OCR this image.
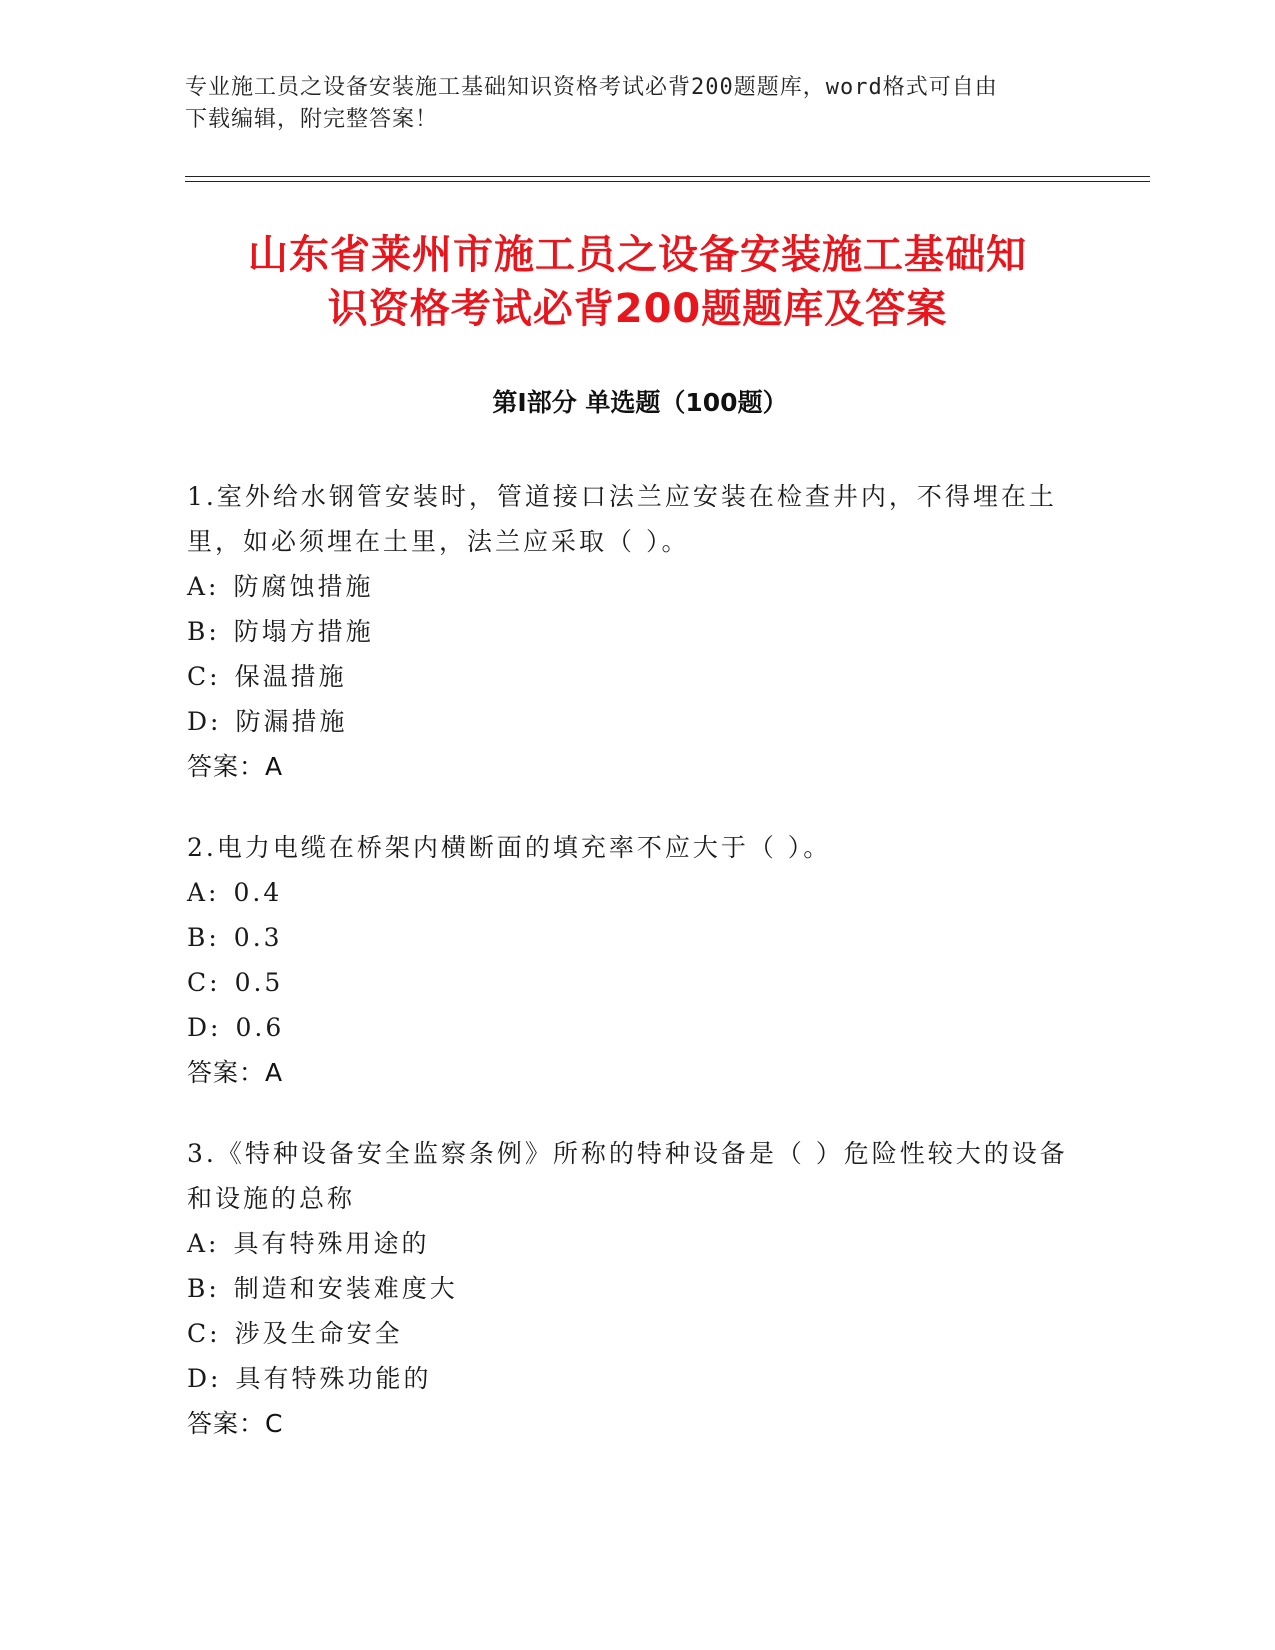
专业施工员之设备安装施工基础知识资格考试必背200题题库，word格式可自由
下载编辑，附完整答案！
山东省莱州市施工员之设备安装施工基础知
识资格考试必背200题题库及答案
第Ⅰ部分 单选题（100题）
1.室外给水钢管安装时，管道接口法兰应安装在检查井内，不得埋在土里，如必须埋在土里，法兰应采取（ ）。
A: 防腐蚀措施
B: 防塌方措施
C: 保温措施
D: 防漏措施
答案：A
2.电力电缆在桥架内横断面的填充率不应大于（ ）。
A: 0.4
B: 0.3
C: 0.5
D: 0.6
答案：A
3.《特种设备安全监察条例》所称的特种设备是（ ）危险性较大的设备和设施的总称
A: 具有特殊用途的
B: 制造和安装难度大
C: 涉及生命安全
D: 具有特殊功能的
答案：C
